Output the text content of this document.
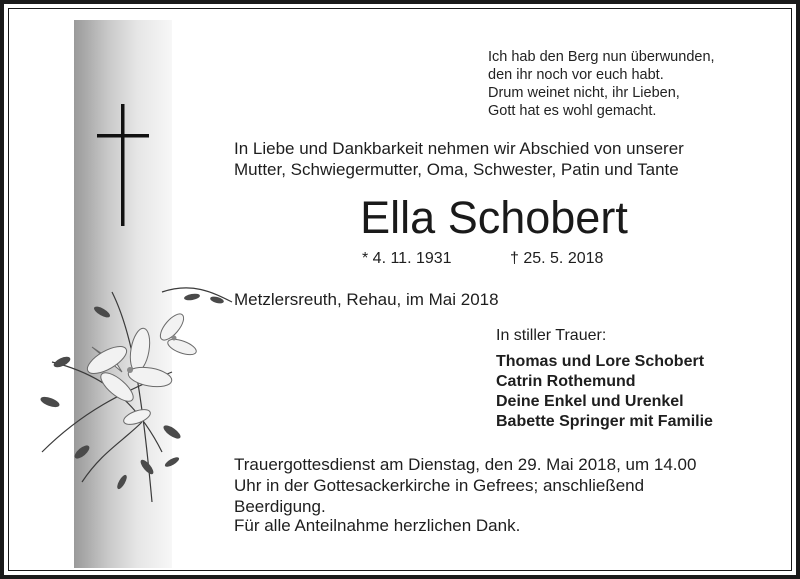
Ich hab den Berg nun überwunden,
den ihr noch vor euch habt.
Drum weinet nicht, ihr Lieben,
Gott hat es wohl gemacht.
In Liebe und Dankbarkeit nehmen wir Abschied von unserer
Mutter, Schwiegermutter, Oma, Schwester, Patin und Tante
Ella Schobert
* 4. 11. 1931	† 25. 5. 2018
Metzlersreuth, Rehau, im Mai 2018
In stiller Trauer:
Thomas und Lore Schobert
Catrin Rothemund
Deine Enkel und Urenkel
Babette Springer mit Familie
Trauergottesdienst am Dienstag, den 29. Mai 2018, um 14.00
Uhr in der Gottesackerkirche in Gefrees; anschließend
Beerdigung.
Für alle Anteilnahme herzlichen Dank.
